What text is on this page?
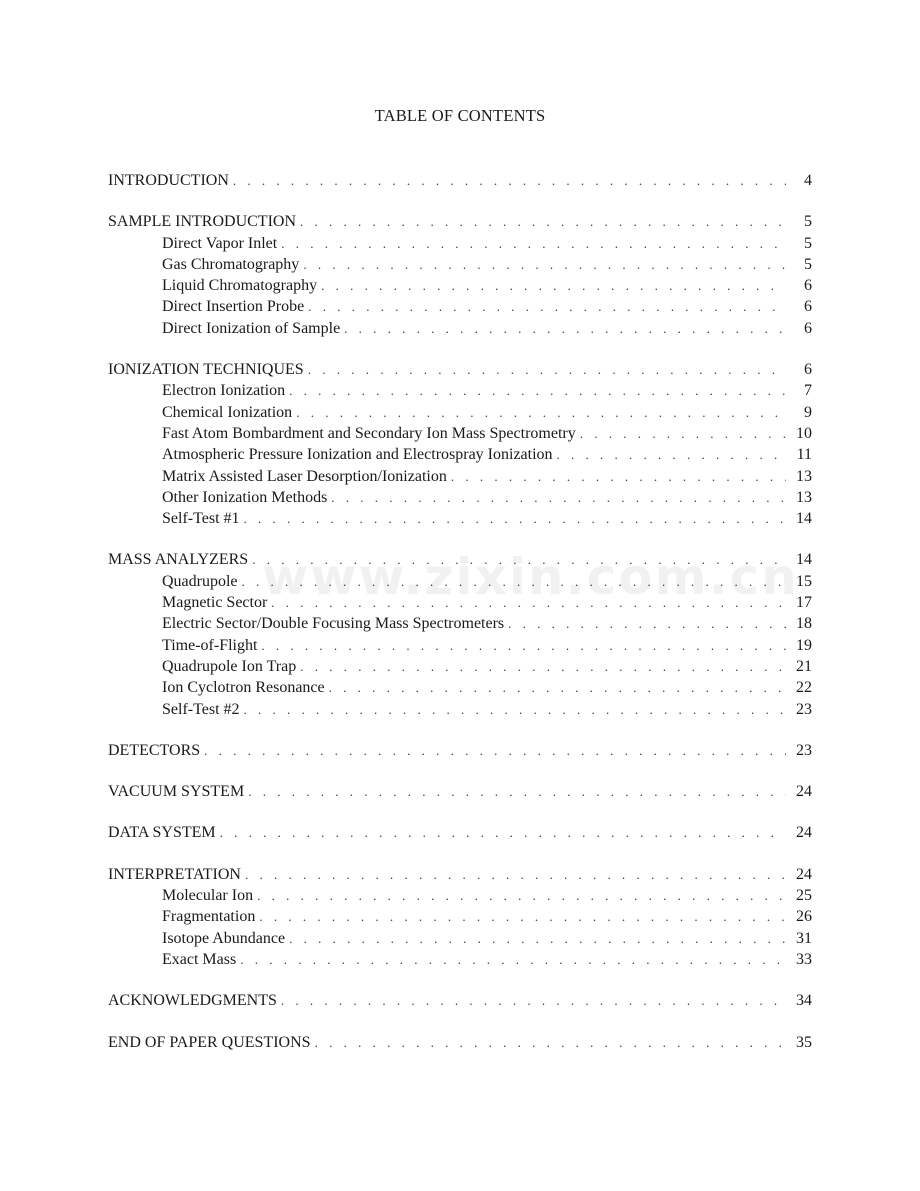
TABLE OF CONTENTS
www.zixin.com.cn
INTRODUCTION . . .	4
SAMPLE INTRODUCTION . . .	5
Direct Vapor Inlet . . .	5
Gas Chromatography . . .	5
Liquid Chromatography . . .	6
Direct Insertion Probe . . .	6
Direct Ionization of Sample . . .	6
IONIZATION TECHNIQUES . . .	6
Electron Ionization . . .	7
Chemical Ionization . . .	9
Fast Atom Bombardment and Secondary Ion Mass Spectrometry . . .	10
Atmospheric Pressure Ionization and Electrospray Ionization . . .	11
Matrix Assisted Laser Desorption/Ionization . . .	13
Other Ionization Methods . . .	13
Self-Test #1 . . .	14
MASS ANALYZERS . . .	14
Quadrupole . . .	15
Magnetic Sector . . .	17
Electric Sector/Double Focusing Mass Spectrometers . . .	18
Time-of-Flight . . .	19
Quadrupole Ion Trap . . .	21
Ion Cyclotron Resonance . . .	22
Self-Test #2 . . .	23
DETECTORS . . .	23
VACUUM SYSTEM . . .	24
DATA SYSTEM . . .	24
INTERPRETATION . . .	24
Molecular Ion . . .	25
Fragmentation . . .	26
Isotope Abundance . . .	31
Exact Mass . . .	33
ACKNOWLEDGMENTS . . .	34
END OF PAPER QUESTIONS . . .	35
